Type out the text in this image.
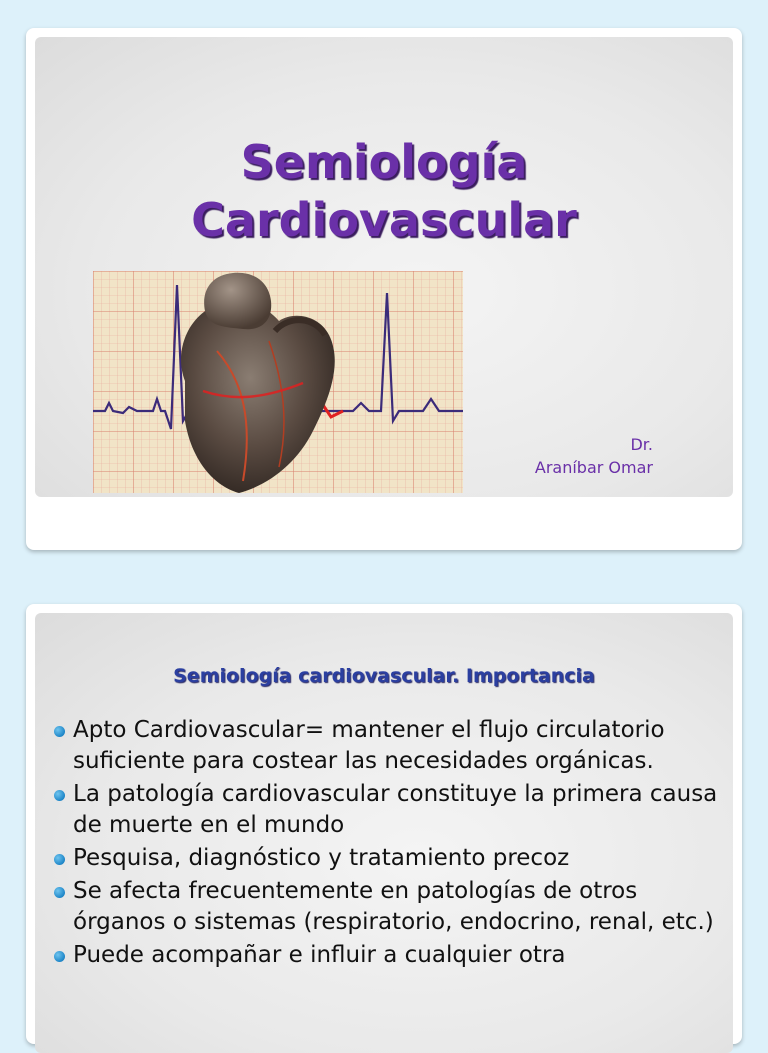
Semiología
Cardiovascular
Dr.
Araníbar Omar
Semiología cardiovascular. Importancia
Apto Cardiovascular= mantener el flujo circulatorio suficiente para costear las necesidades orgánicas.
La patología cardiovascular constituye la primera causa de muerte en el mundo
Pesquisa, diagnóstico y tratamiento precoz
Se afecta frecuentemente en patologías de otros órganos o sistemas (respiratorio, endocrino, renal, etc.)
Puede acompañar e influir a cualquier otra
